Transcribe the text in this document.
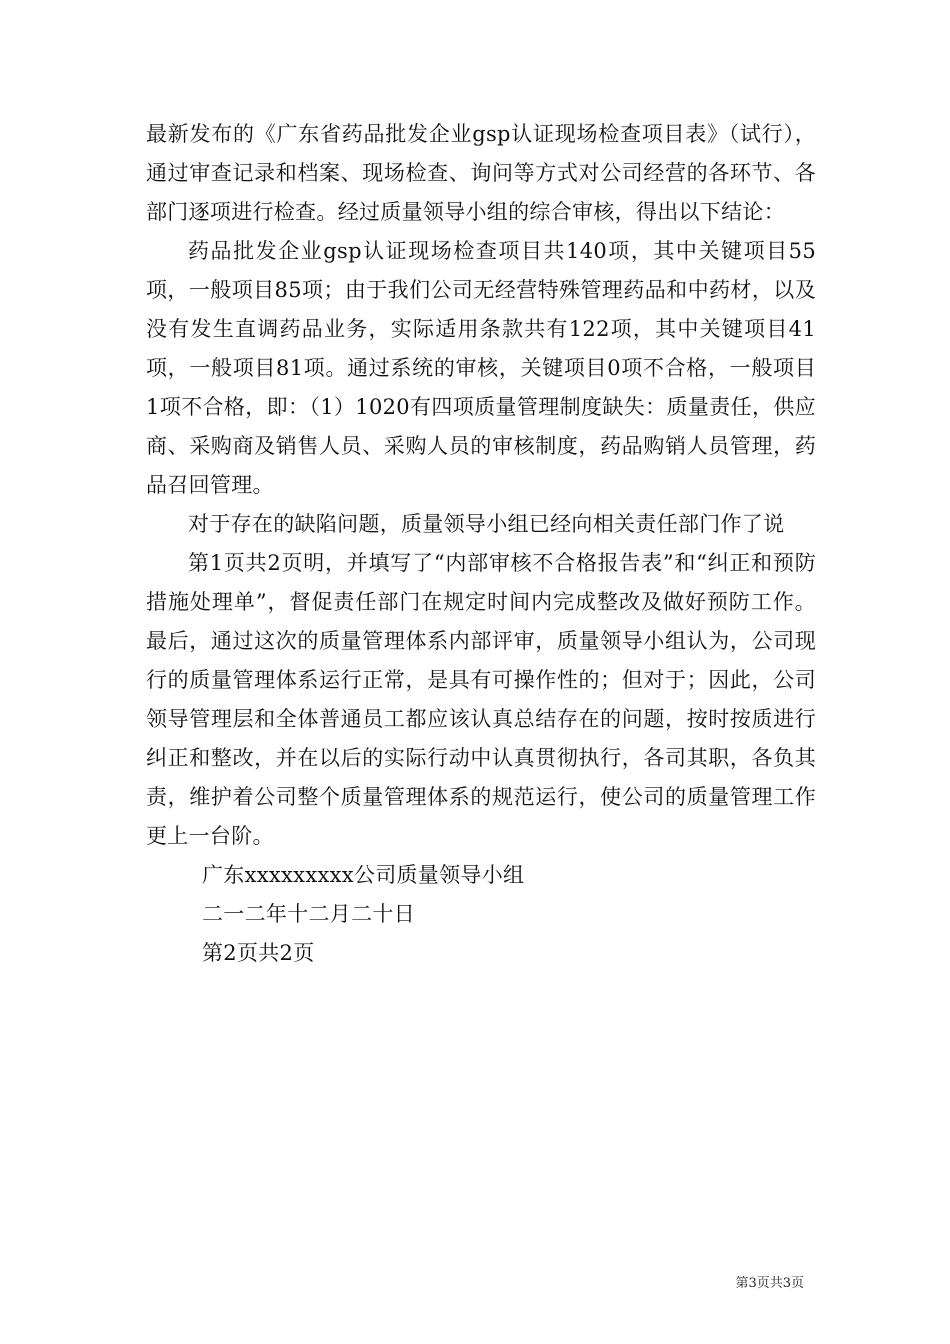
最新发布的《广东省药品批发企业gsp认证现场检查项目表》（试行），通过审查记录和档案、现场检查、询问等方式对公司经营的各环节、各部门逐项进行检查。经过质量领导小组的综合审核，得出以下结论：

药品批发企业gsp认证现场检查项目共140项，其中关键项目55项，一般项目85项；由于我们公司无经营特殊管理药品和中药材，以及没有发生直调药品业务，实际适用条款共有122项，其中关键项目41项，一般项目81项。通过系统的审核，关键项目0项不合格，一般项目1项不合格，即：（1）1020有四项质量管理制度缺失：质量责任，供应商、采购商及销售人员、采购人员的审核制度，药品购销人员管理，药品召回管理。

对于存在的缺陷问题，质量领导小组已经向相关责任部门作了说

第1页共2页明，并填写了“内部审核不合格报告表”和“纠正和预防措施处理单”，督促责任部门在规定时间内完成整改及做好预防工作。最后，通过这次的质量管理体系内部评审，质量领导小组认为，公司现行的质量管理体系运行正常，是具有可操作性的；但对于；因此，公司领导管理层和全体普通员工都应该认真总结存在的问题，按时按质进行纠正和整改，并在以后的实际行动中认真贯彻执行，各司其职，各负其责，维护着公司整个质量管理体系的规范运行，使公司的质量管理工作更上一台阶。

广东xxxxxxxxx公司质量领导小组

二一二年十二月二十日

第2页共2页

第3页共3页
